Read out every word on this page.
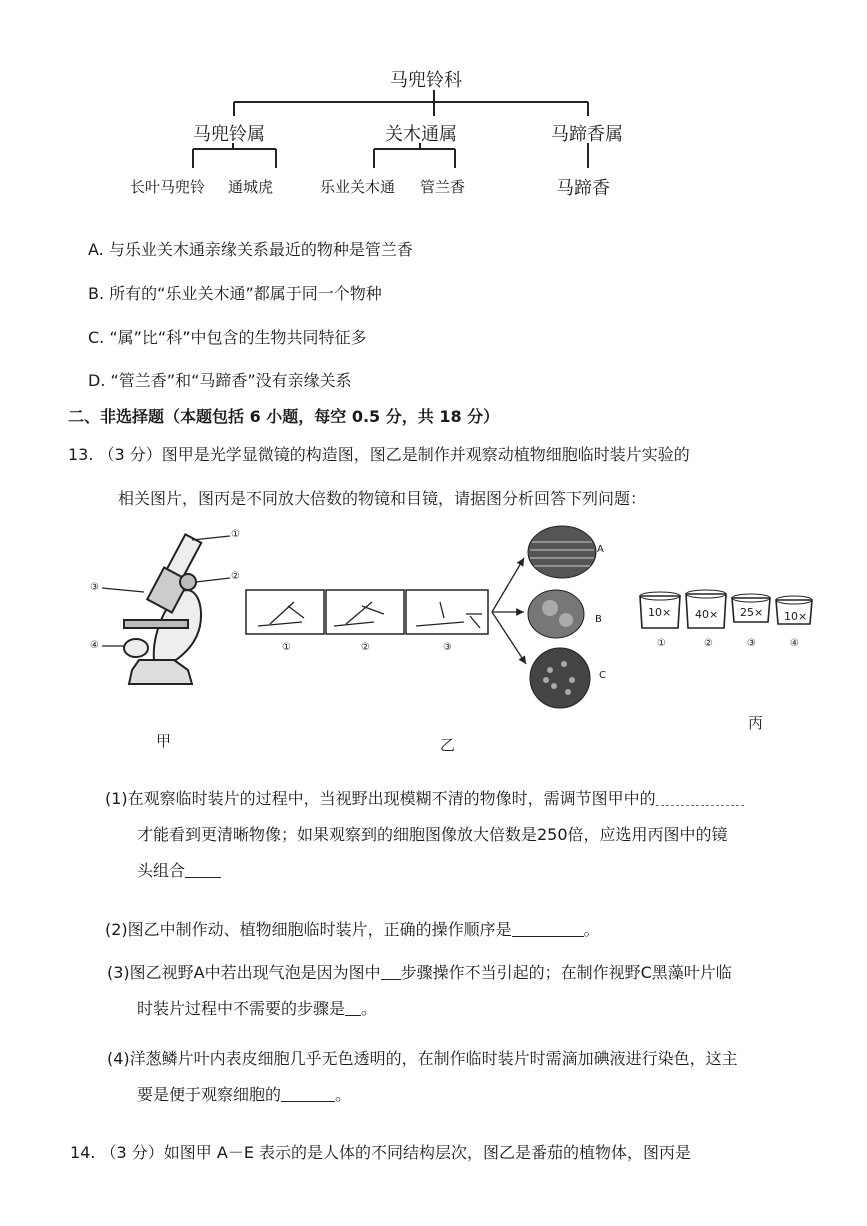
马兜铃科
马兜铃属	关木通属	马蹄香属
长叶马兜铃 通城虎	乐业关木通 管兰香	马蹄香
A. 与乐业关木通亲缘关系最近的物种是管兰香
B. 所有的“乐业关木通”都属于同一个物种
C. “属”比“科”中包含的生物共同特征多
D. “管兰香”和“马蹄香”没有亲缘关系
二、非选择题（本题包括 6 小题，每空 0.5 分，共 18 分）
13. （3 分）图甲是光学显微镜的构造图，图乙是制作并观察动植物细胞临时装片实验的
相关图片，图丙是不同放大倍数的物镜和目镜，请据图分析回答下列问题：
①
②
③
④	①	②	③
A
B
C
10× 40× 25× 10×
①	②	③	④
甲	乙
丙
(1)在观察临时装片的过程中，当视野出现模糊不清的物像时，需调节图甲中的
才能看到更清晰物像；如果观察到的细胞图像放大倍数是250倍，应选用丙图中的镜
头组合
(2)图乙中制作动、植物细胞临时装片，正确的操作顺序是	。
(3)图乙视野A中若出现气泡是因为图中 步骤操作不当引起的；在制作视野C黑藻叶片临
时装片过程中不需要的步骤是 。
(4)洋葱鳞片叶内表皮细胞几乎无色透明的，在制作临时装片时需滴加碘液进行染色，这主
要是便于观察细胞的	。
14. （3 分）如图甲 A－E 表示的是人体的不同结构层次，图乙是番茄的植物体，图丙是
